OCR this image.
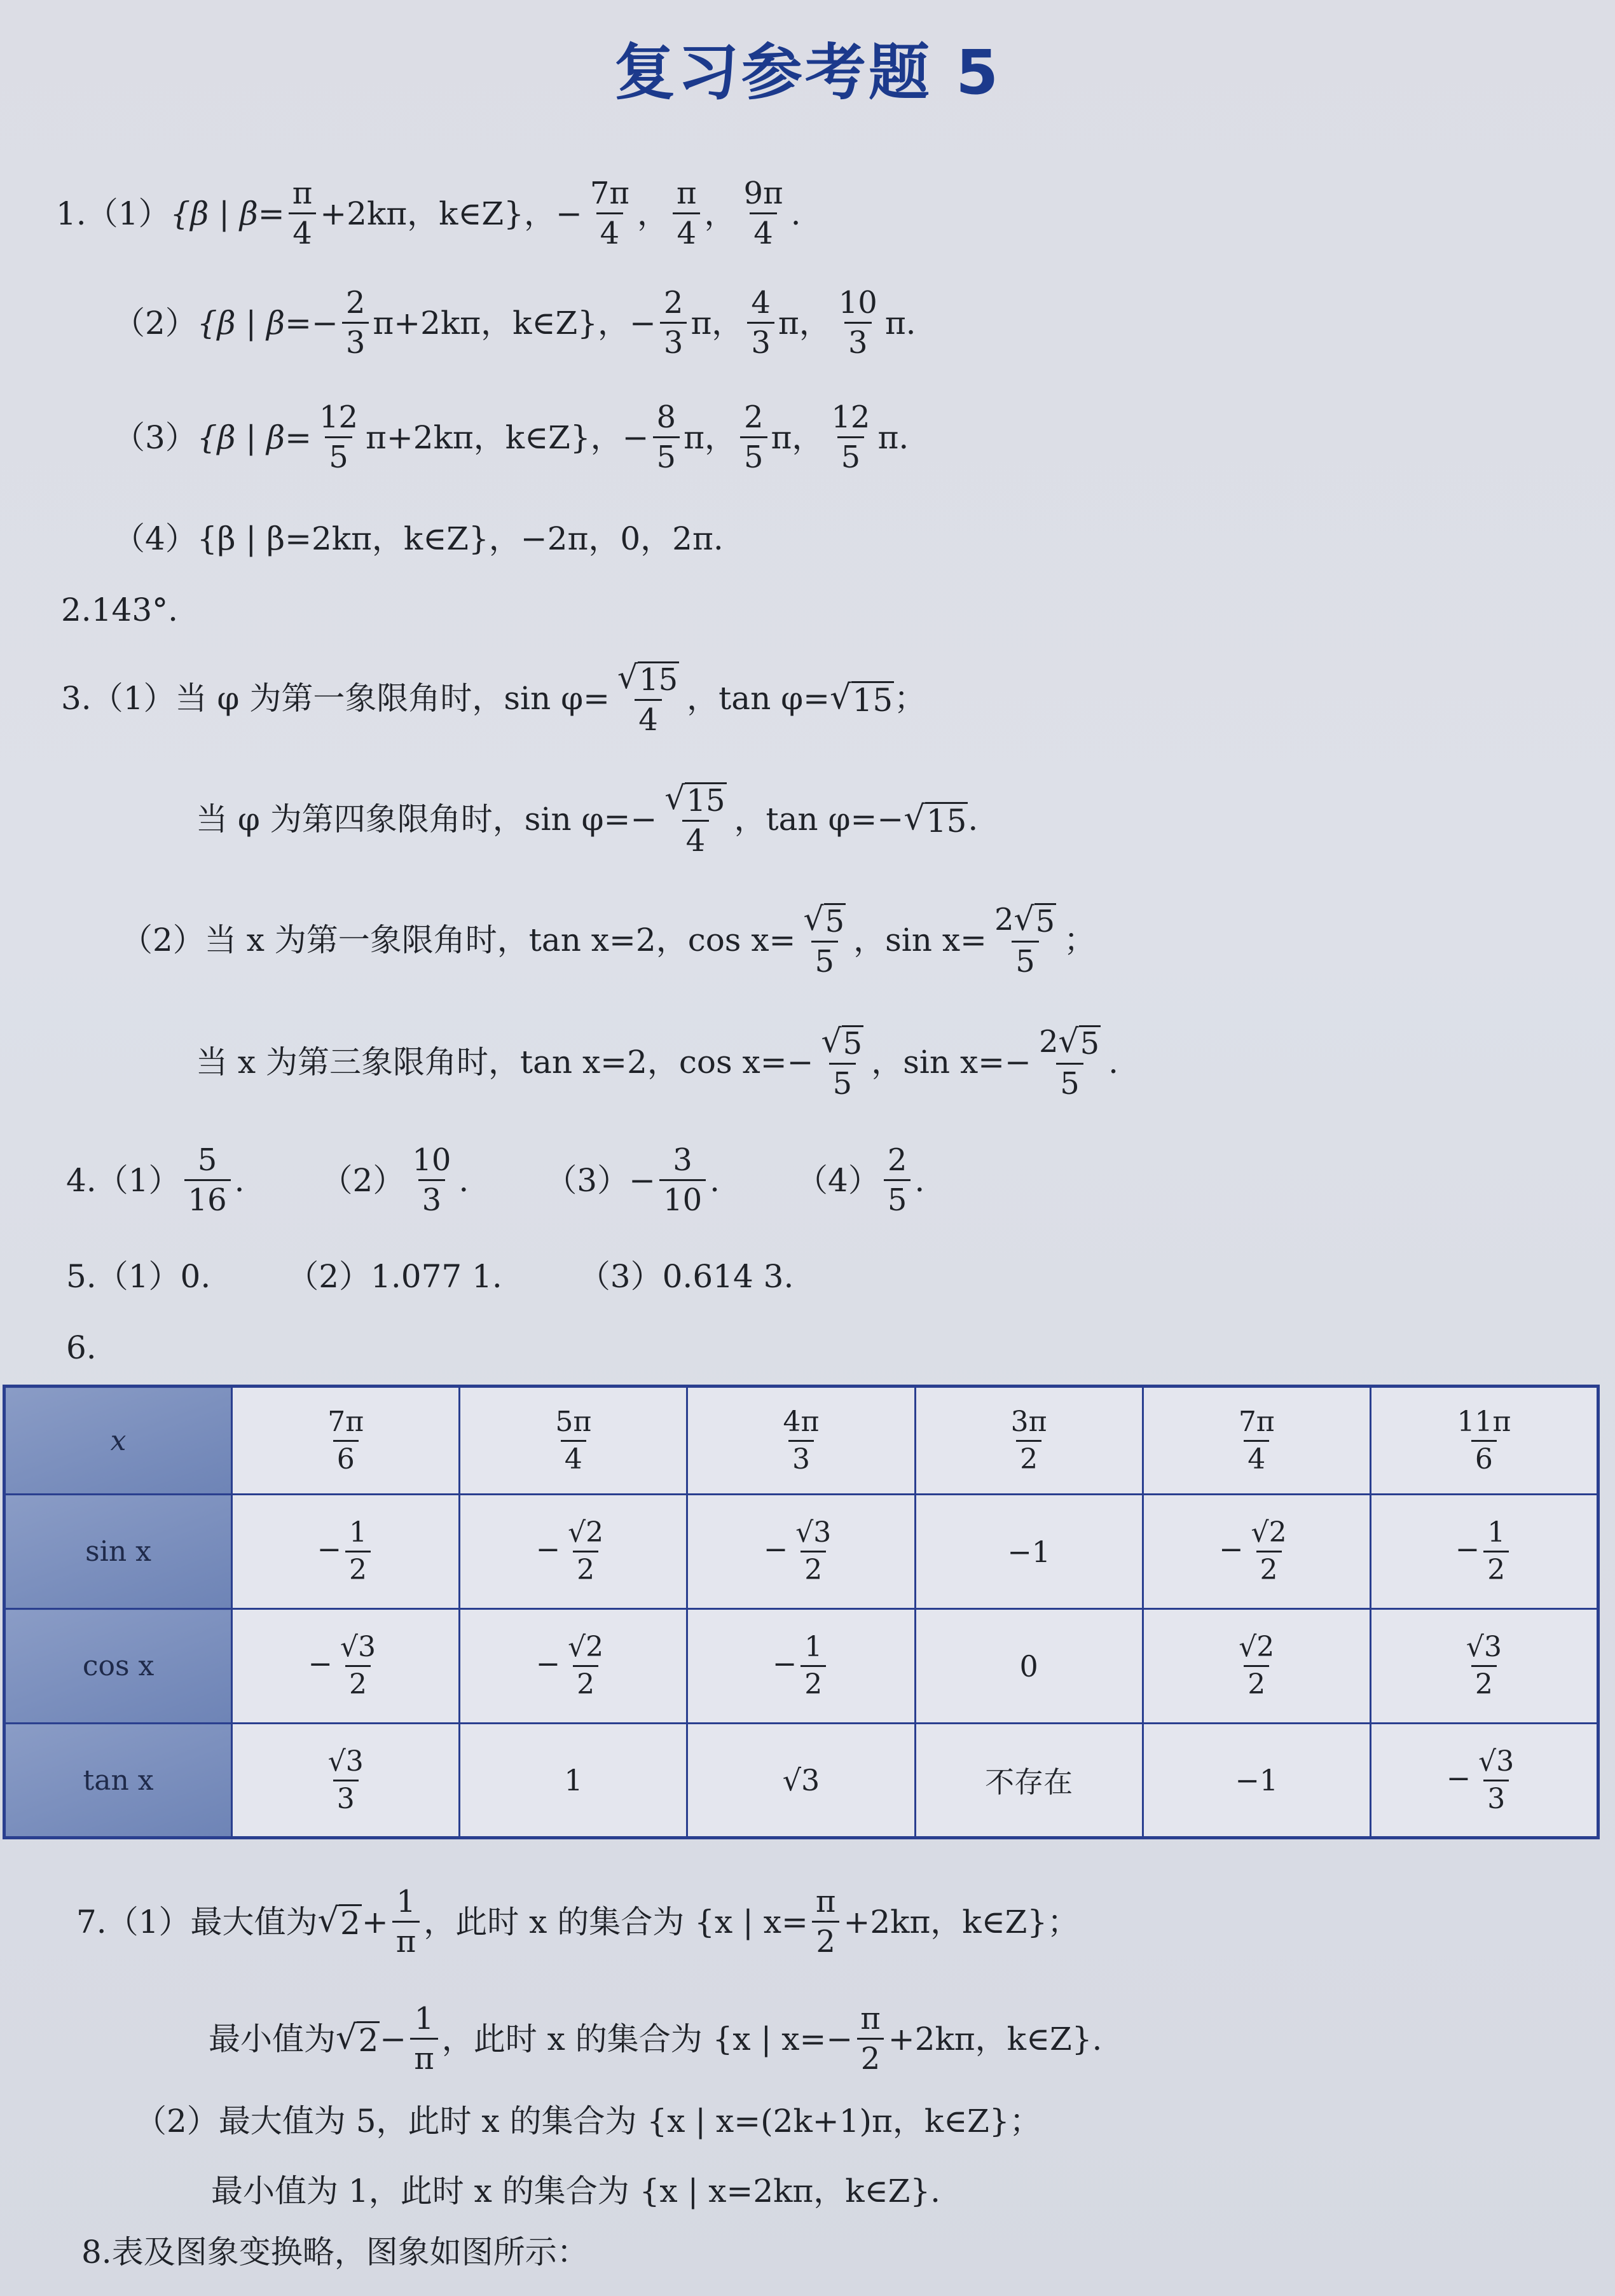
复习参考题 5
1. （1） {β | $\beta= \frac{\pi}{4} +2k\pi$，k∈Z}，− $\frac{7\pi}{4}$ ， $\frac{\pi}{4}$ ， $\frac{9\pi}{4}$ .
（2） {β | $\beta=- \frac{2}{3} \pi+2k\pi$，k∈Z}，− $\frac{2}{3}$ π， $\frac{4}{3}$ π， $\frac{10}{3} \pi$.
（3） {β | $\beta= \frac{12}{5} \pi+2k\pi$，k∈Z}，− $\frac{8}{5}$ π， $\frac{2}{5}$ π， $\frac{12}{5} \pi$.
（4） {β | β=2kπ，k∈Z}，−2π，0，2π.
2. 143°.
3. （1） 当 φ 为第一象限角时，$\sin \varphi= \frac{√ 15}{4}$ ，tan φ= √ 15 ；
当 φ 为第四象限角时，$\sin \varphi=- \frac{√ 15}{4}$ ，tan φ=− √ 15 .
（2） 当 x 为第一象限角时，tan x=2，$\cos x= \frac{√ 5}{5}$ ，$\sin x= \frac{2 √ 5}{5}$ ；
当 x 为第三象限角时，tan x=2，$\cos x=- \frac{√ 5}{5}$ ，$\sin x=- \frac{2 √ 5}{5}$ .
4. $(1) \frac{5}{16}$ . $(2) \frac{10}{3}$ . $(3) - \frac{3}{10}$ . $(4) \frac{2}{5}$ .
5. （1）0. （2）1.077 1. （3）0.614 3.
6.
x	$\frac{7\pi}{6}$	$\frac{5\pi}{4}$	$\frac{4\pi}{3}$	$\frac{3\pi}{2}$	$\frac{7\pi}{4}$	$\frac{11\pi}{6}$

sin x	− $\frac{1}{2}$	− $\frac{√2}{2}$	− $\frac{√3}{2}$	−1	− $\frac{√2}{2}$	− $\frac{1}{2}$

cos x	− $\frac{√3}{2}$	− $\frac{√2}{2}$	− $\frac{1}{2}$	0	$\frac{√2}{2}$	$\frac{√3}{2}$

tan x	$\frac{√3}{3}$	1	√3	不存在	−1	− $\frac{√3}{3}$
7. （1） 最大值为 √ $2 + \frac{1}{\pi}$ ，此时 x 的集合为 {x | $x= \frac{\pi}{2} +2k\pi$，k∈Z}；
最小值为 √ $2 - \frac{1}{\pi}$ ，此时 x 的集合为 {x | $x=- \frac{\pi}{2} +2k\pi$，k∈Z}.
（2） 最大值为 5，此时 x 的集合为 {x | x=(2k+1)π，k∈Z}；
最小值为 1，此时 x 的集合为 {x | x=2kπ，k∈Z}.
8. 表及图象变换略，图象如图所示：
